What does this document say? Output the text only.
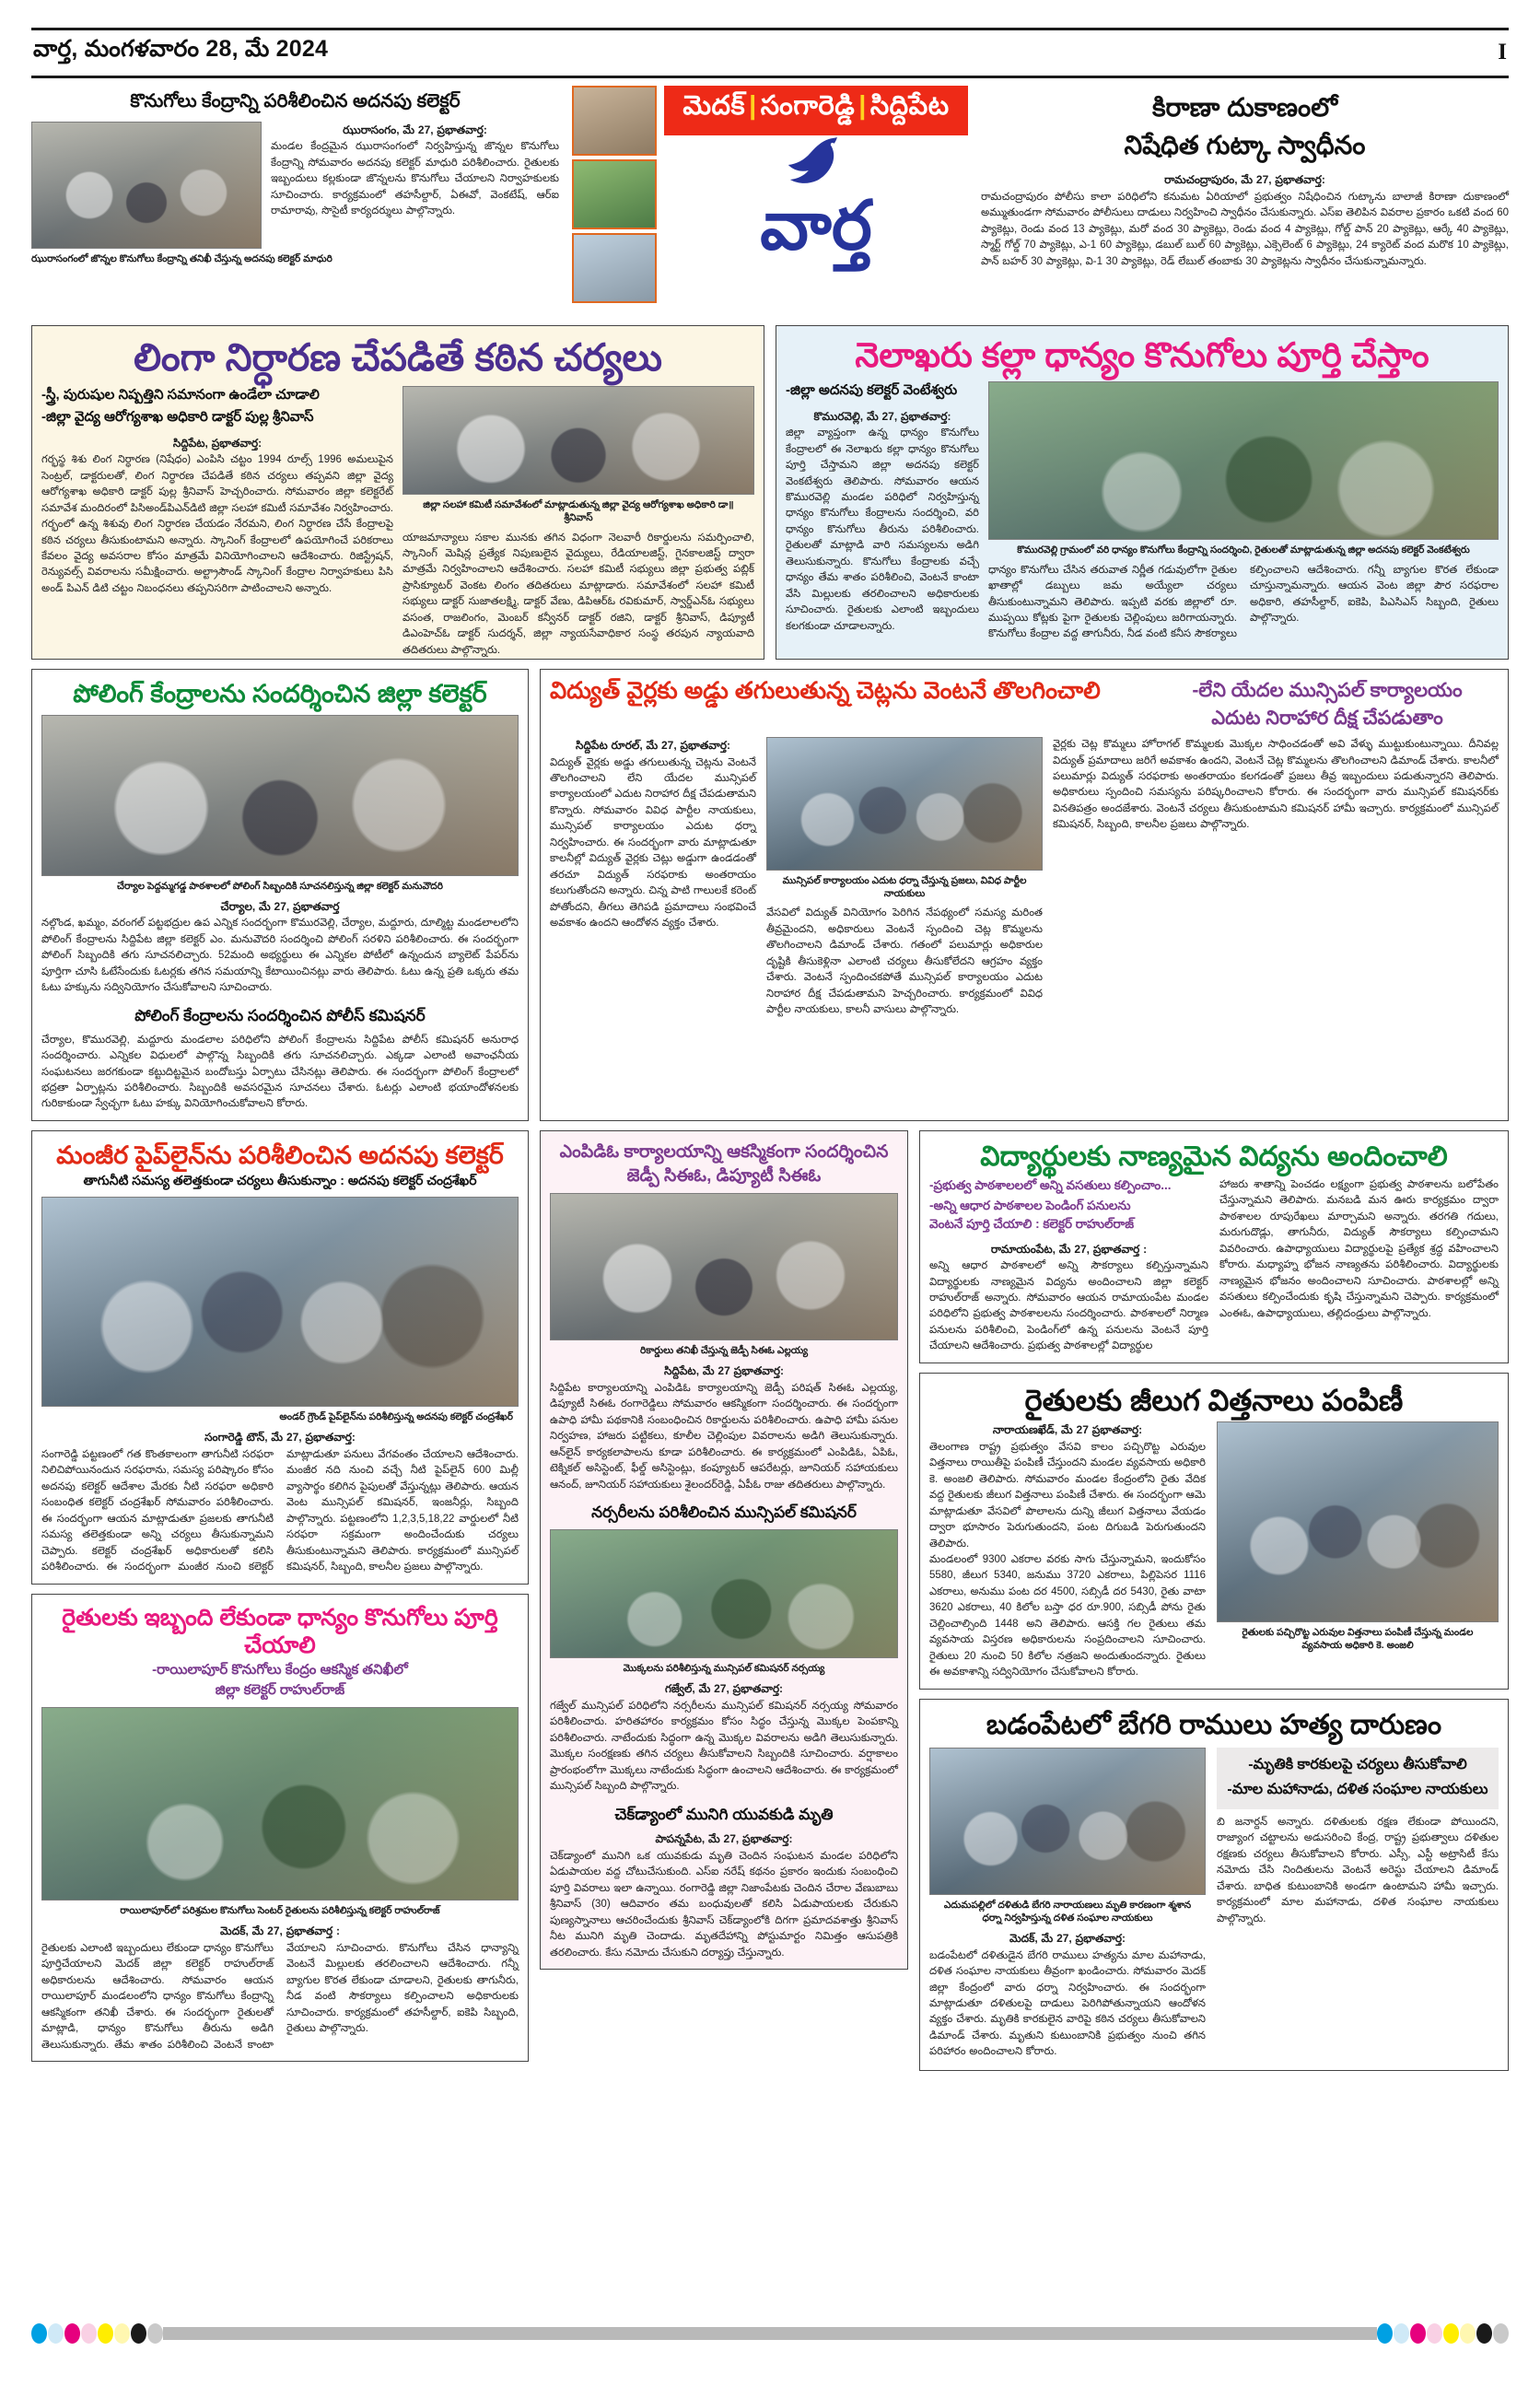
వార్త, మంగళవారం 28, మే 2024	I
కొనుగోలు కేంద్రాన్ని పరిశీలించిన అదనపు కలెక్టర్
ఝురాసంగం, మే 27, ప్రభాతవార్త:
మండల కేంద్రమైన ఝురాసంగంలో నిర్వహిస్తున్న జొన్నల కొనుగోలు కేంద్రాన్ని సోమవారం అదనపు కలెక్టర్ మాధురి పరిశీలించారు. రైతులకు ఇబ్బందులు కల్లకుండా జొన్నలను కొనుగోలు చేయాలని నిర్వాహకులకు సూచించారు. కార్యక్రమంలో తహసీల్దార్, ఏఈవో, వెంకటేష్, ఆర్ఐ రామారావు, సొసైటీ కార్యదర్శులు పాల్గొన్నారు.
ఝురాసంగంలో జొన్నల కొనుగోలు కేంద్రాన్ని తనిఖీ చేస్తున్న అదనపు కలెక్టర్ మాధురి
మెదక్ | సంగారెడ్డి | సిద్దిపేట
వార్త
కిరాణా దుకాణంలో
నిషేధిత గుట్కా స్వాధీనం
రామచంద్రాపురం, మే 27, ప్రభాతవార్త:
రామచంద్రాపురం పోలీసు కాలా పరిధిలోని కనుమట ఏరియాలో ప్రభుత్వం నిషేధించిన గుట్కాను బాలాజీ కిరాణా దుకాణంలో అమ్ముతుండగా సోమవారం పోలీసులు దాడులు నిర్వహించి స్వాధీనం చేసుకున్నారు. ఎస్ఐ తెలిపిన వివరాల ప్రకారం ఒకటి వంద 60 ప్యాకెట్లు, రెండు వంద 13 ప్యాకెట్లు, మరో వంద 30 ప్యాకెట్లు, రెండు వంద 4 ప్యాకెట్లు, గోల్డ్ పాన్ 20 ప్యాకెట్లు, ఆర్కే 40 ప్యాకెట్లు, స్మార్ట్ గోల్డ్ 70 ప్యాకెట్లు, ఎ-1 60 ప్యాకెట్లు, డబుల్ బుల్ 60 ప్యాకెట్లు, ఎక్సెలెంట్ 6 ప్యాకెట్లు, 24 క్యారెట్ వంద మరొక 10 ప్యాకెట్లు, పాన్ బహర్ 30 ప్యాకెట్లు, వి-1 30 ప్యాకెట్లు, రెడ్ లేబుల్ తంబాకు 30 ప్యాకెట్లను స్వాధీనం చేసుకున్నామన్నారు.
లింగా నిర్ధారణ చేపడితే కఠిన చర్యలు
-స్త్రీ, పురుషుల నిష్పత్తిని సమానంగా ఉండేలా చూడాలి
-జిల్లా వైద్య ఆరోగ్యశాఖ అధికారి డాక్టర్ పుల్ల శ్రీనివాస్
సిద్దిపేట, ప్రభాతవార్త:
గర్భస్థ శిశు లింగ నిర్ధారణ (నిషేధం) ఎంపిసి చట్టం 1994 రూల్స్ 1996 అమలుపైన సెంట్రల్, డాక్టరులతో, లింగ నిర్ధారణ చేపడితే కఠిన చర్యలు తప్పవని జిల్లా వైద్య ఆరోగ్యశాఖ అధికారి డాక్టర్ పుల్ల శ్రీనివాస్ హెచ్చరించారు. సోమవారం జిల్లా కలెక్టరేట్ సమావేశ మందిరంలో పిసిఅండ్‌పిఎన్‌డిటి జిల్లా సలహా కమిటీ సమావేశం నిర్వహించారు. గర్భంలో ఉన్న శిశువు లింగ నిర్ధారణ చేయడం నేరమని, లింగ నిర్ధారణ చేసే కేంద్రాలపై కఠిన చర్యలు తీసుకుంటామని అన్నారు. స్కానింగ్ కేంద్రాలలో ఉపయోగించే పరికరాలు కేవలం వైద్య అవసరాల కోసం మాత్రమే వినియోగించాలని ఆదేశించారు. రిజిస్ట్రేషన్, రెన్యువల్స్ వివరాలను సమీక్షించారు. అల్ట్రాసౌండ్ స్కానింగ్ కేంద్రాల నిర్వాహకులు పిసి అండ్ పిఎన్ డిటి చట్టం నిబంధనలు తప్పనిసరిగా పాటించాలని అన్నారు.
జిల్లా సలహా కమిటీ సమావేశంలో మాట్లాడుతున్న జిల్లా వైద్య ఆరోగ్యశాఖ అధికారి డా॥ శ్రీనివాస్
యాజమాన్యాలు సకాల మునకు తగిన విధంగా నెలవారీ రికార్డులను సమర్పించాలి, స్కానింగ్ మెషిన్ల ప్రత్యేక నిపుణులైన వైద్యులు, రేడియాలజిస్ట్, గైనకాలజిస్ట్ ద్వారా మాత్రమే నిర్వహించాలని ఆదేశించారు. సలహా కమిటీ సభ్యులు జిల్లా ప్రభుత్వ పబ్లిక్ ప్రాసిక్యూటర్ వెంకట లింగం తదితరులు మాట్లాడారు. సమావేశంలో సలహా కమిటీ సభ్యులు డాక్టర్ సుజాతలక్ష్మి, డాక్టర్ వేణు, డిపిఆర్ఓ రవికుమార్, స్వార్డ్ఎన్ఓ సభ్యులు వసంత, రాజలింగం, మెంబర్ కన్వీనర్ డాక్టర్ రజిని, డాక్టర్ శ్రీనివాస్, డిప్యూటీ డిఎంహెచ్ఓ డాక్టర్ సుదర్శన్, జిల్లా న్యాయసేవాధికార సంస్థ తరపున న్యాయవాది తదితరులు పాల్గొన్నారు.
నెలాఖరు కల్లా ధాన్యం కొనుగోలు పూర్తి చేస్తాం
-జిల్లా అదనపు కలెక్టర్ వెంటేశ్వరు
కొమురవెల్లి, మే 27, ప్రభాతవార్త:
జిల్లా వ్యాప్తంగా ఉన్న ధాన్యం కొనుగోలు కేంద్రాలలో ఈ నెలాఖరు కల్లా ధాన్యం కొనుగోలు పూర్తి చేస్తామని జిల్లా అదనపు కలెక్టర్ వెంకటేశ్వరు తెలిపారు. సోమవారం ఆయన కొమురవెల్లి మండల పరిధిలో నిర్వహిస్తున్న ధాన్యం కొనుగోలు కేంద్రాలను సందర్శించి, వరి ధాన్యం కొనుగోలు తీరును పరిశీలించారు. రైతులతో మాట్లాడి వారి సమస్యలను అడిగి తెలుసుకున్నారు. కొనుగోలు కేంద్రాలకు వచ్చే ధాన్యం తేమ శాతం పరిశీలించి, వెంటనే కాంటా వేసి మిల్లులకు తరలించాలని అధికారులకు సూచించారు. రైతులకు ఎలాంటి ఇబ్బందులు కలగకుండా చూడాలన్నారు.
కొమురవెల్లి గ్రామంలో వరి ధాన్యం కొనుగోలు కేంద్రాన్ని సందర్శించి, రైతులతో మాట్లాడుతున్న జిల్లా అదనపు కలెక్టర్ వెంకటేశ్వరు
ధాన్యం కొనుగోలు చేసిన తరువాత నిర్ణీత గడువులోగా రైతుల ఖాతాల్లో డబ్బులు జమ అయ్యేలా చర్యలు తీసుకుంటున్నామని తెలిపారు. ఇప్పటి వరకు జిల్లాలో రూ. ముప్పయి కోట్లకు పైగా రైతులకు చెల్లింపులు జరిగాయన్నారు. కొనుగోలు కేంద్రాల వద్ద తాగునీరు, నీడ వంటి కనీస సౌకర్యాలు కల్పించాలని ఆదేశించారు. గన్నీ బ్యాగుల కొరత లేకుండా చూస్తున్నామన్నారు. ఆయన వెంట జిల్లా పౌర సరఫరాల అధికారి, తహసీల్దార్, ఐకెపి, పిఎసిఎస్ సిబ్బంది, రైతులు పాల్గొన్నారు.
పోలింగ్ కేంద్రాలను సందర్శించిన జిల్లా కలెక్టర్
చేర్యాల పెద్దమ్మగడ్డ పాఠశాలలో పోలింగ్ సిబ్బందికి సూచనలిస్తున్న జిల్లా కలెక్టర్ మనువౌదరి
చేర్యాల, మే 27, ప్రభాతవార్త
నల్గొండ, ఖమ్మం, వరంగల్ పట్టభద్రుల ఉప ఎన్నిక సందర్భంగా కొమురవెల్లి, చేర్యాల, మద్దూరు, దూల్మిట్ట మండలాలలోని పోలింగ్ కేంద్రాలను సిద్దిపేట జిల్లా కలెక్టర్ ఎం. మనువౌదరి సందర్శించి పోలింగ్ సరళిని పరిశీలించారు. ఈ సందర్భంగా పోలింగ్ సిబ్బందికి తగు సూచనలిచ్చారు. 52మంది అభ్యర్థులు ఈ ఎన్నికల పోటీలో ఉన్నందున బ్యాలెట్ పేపర్‌ను పూర్తిగా చూసి ఓటేసేందుకు ఓటర్లకు తగిన సమయాన్ని కేటాయించినట్లు వారు తెలిపారు. ఓటు ఉన్న ప్రతి ఒక్కరు తమ ఓటు హక్కును సద్వినియోగం చేసుకోవాలని సూచించారు.
పోలింగ్ కేంద్రాలను సందర్శించిన పోలీస్ కమిషనర్
చేర్యాల, కొమురవెల్లి, మద్దూరు మండలాల పరిధిలోని పోలింగ్ కేంద్రాలను సిద్దిపేట పోలీస్ కమిషనర్ అనురాధ సందర్శించారు. ఎన్నికల విధులలో పాల్గొన్న సిబ్బందికి తగు సూచనలిచ్చారు. ఎక్కడా ఎలాంటి అవాంఛనీయ సంఘటనలు జరగకుండా కట్టుదిట్టమైన బందోబస్తు ఏర్పాటు చేసినట్లు తెలిపారు. ఈ సందర్భంగా పోలింగ్ కేంద్రాలలో భద్రతా ఏర్పాట్లను పరిశీలించారు. సిబ్బందికి అవసరమైన సూచనలు చేశారు. ఓటర్లు ఎలాంటి భయాందోళనలకు గురికాకుండా స్వేచ్ఛగా ఓటు హక్కు వినియోగించుకోవాలని కోరారు.
విద్యుత్ వైర్లకు అడ్డు తగులుతున్న చెట్లను వెంటనే తొలగించాలి	-లేని యేదల మున్సిపల్ కార్యాలయం
ఎదుట నిరాహార దీక్ష చేపడుతాం
సిద్దిపేట రూరల్, మే 27, ప్రభాతవార్త:
విద్యుత్ వైర్లకు అడ్డు తగులుతున్న చెట్లను వెంటనే తొలగించాలని లేని యేదల మున్సిపల్ కార్యాలయంలో ఎదుట నిరాహార దీక్ష చేపడుతామని కొన్నారు. సోమవారం వివిధ పార్టీల నాయకులు, మున్సిపల్ కార్యాలయం ఎదుట ధర్నా నిర్వహించారు. ఈ సందర్భంగా వారు మాట్లాడుతూ కాలనీల్లో విద్యుత్ వైర్లకు చెట్లు అడ్డుగా ఉండడంతో తరచూ విద్యుత్ సరఫరాకు అంతరాయం కలుగుతోందని అన్నారు. చిన్న పాటి గాలులకే కరెంట్ పోతోందని, తీగలు తెగిపడి ప్రమాదాలు సంభవించే అవకాశం ఉందని ఆందోళన వ్యక్తం చేశారు.
మున్సిపల్ కార్యాలయం ఎదుట ధర్నా చేస్తున్న ప్రజలు, వివిధ పార్టీల నాయకులు
వేసవిలో విద్యుత్ వినియోగం పెరిగిన నేపథ్యంలో సమస్య మరింత తీవ్రమైందని, అధికారులు వెంటనే స్పందించి చెట్ల కొమ్మలను తొలగించాలని డిమాండ్ చేశారు. గతంలో పలుమార్లు అధికారుల దృష్టికి తీసుకెళ్లినా ఎలాంటి చర్యలు తీసుకోలేదని ఆగ్రహం వ్యక్తం చేశారు. వెంటనే స్పందించకపోతే మున్సిపల్ కార్యాలయం ఎదుట నిరాహార దీక్ష చేపడుతామని హెచ్చరించారు. కార్యక్రమంలో వివిధ పార్టీల నాయకులు, కాలనీ వాసులు పాల్గొన్నారు.
వైర్లకు చెట్ల కొమ్మలు హోరాగల్ కొమ్మలకు మొక్కల సాధించడంతో అవి వేళ్ళు ముట్టుకుంటున్నాయి. దీనివల్ల విద్యుత్ ప్రమాదాలు జరిగే అవకాశం ఉందని, వెంటనే చెట్ల కొమ్మలను తొలగించాలని డిమాండ్ చేశారు. కాలనీలో పలుమార్లు విద్యుత్ సరఫరాకు అంతరాయం కలగడంతో ప్రజలు తీవ్ర ఇబ్బందులు పడుతున్నారని తెలిపారు. అధికారులు స్పందించి సమస్యను పరిష్కరించాలని కోరారు. ఈ సందర్భంగా వారు మున్సిపల్ కమిషనర్‌కు వినతిపత్రం అందజేశారు. వెంటనే చర్యలు తీసుకుంటామని కమిషనర్ హామీ ఇచ్చారు. కార్యక్రమంలో మున్సిపల్ కమిషనర్, సిబ్బంది, కాలనీల ప్రజలు పాల్గొన్నారు.
మంజీర పైప్‌లైన్‌ను పరిశీలించిన అదనపు కలెక్టర్
తాగునీటి సమస్య తలెత్తకుండా చర్యలు తీసుకున్నాం : అదనపు కలెక్టర్ చంద్రశేఖర్
అండర్ గ్రౌండ్ పైప్‌లైన్‌ను పరిశీలిస్తున్న అదనపు కలెక్టర్ చంద్రశేఖర్
సంగారెడ్డి టౌన్, మే 27, ప్రభాతవార్త:
సంగారెడ్డి పట్టణంలో గత కొంతకాలంగా తాగునీటి సరఫరా నిలిచిపోయినందున సరఫరాను, సమస్య పరిష్కారం కోసం అదనపు కలెక్టర్ ఆదేశాల మేరకు నీటి సరఫరా అధికారి సంబంధిత కలెక్టర్ చంద్రశేఖర్ సోమవారం పరిశీలించారు. ఈ సందర్భంగా ఆయన మాట్లాడుతూ ప్రజలకు తాగునీటి సమస్య తలెత్తకుండా అన్ని చర్యలు తీసుకున్నామని చెప్పారు. కలెక్టర్ చంద్రశేఖర్ అధికారులతో కలిసి పరిశీలించారు. ఈ సందర్భంగా మంజీర నుంచి కలెక్టర్ మాట్లాడుతూ పనులు వేగవంతం చేయాలని ఆదేశించారు. మంజీర నది నుంచి వచ్చే నీటి పైప్‌లైన్ 600 మిల్లీ వ్యాసార్థం కలిగిన పైపులతో వేస్తున్నట్లు తెలిపారు. ఆయన వెంట మున్సిపల్ కమిషనర్, ఇంజనీర్లు, సిబ్బంది పాల్గొన్నారు. పట్టణంలోని 1,2,3,5,18,22 వార్డులలో నీటి సరఫరా సక్రమంగా అందించేందుకు చర్యలు తీసుకుంటున్నామని తెలిపారు. కార్యక్రమంలో మున్సిపల్ కమిషనర్, సిబ్బంది, కాలనీల ప్రజలు పాల్గొన్నారు.
రైతులకు ఇబ్బంది లేకుండా ధాన్యం కొనుగోలు పూర్తి చేయాలి
-రాయిలాపూర్ కొనుగోలు కేంద్రం ఆకస్మిక తనిఖీలో
జిల్లా కలెక్టర్ రాహుల్‌రాజ్
రాయిలాపూర్‌లో పరిశ్రమల కొనుగోలు సెంటర్ రైతులను పరిశీలిస్తున్న కలెక్టర్ రాహుల్‌రాజ్
మెదక్, మే 27, ప్రభాతవార్త :
రైతులకు ఎలాంటి ఇబ్బందులు లేకుండా ధాన్యం కొనుగోలు పూర్తిచేయాలని మెదక్ జిల్లా కలెక్టర్ రాహుల్‌రాజ్ అధికారులను ఆదేశించారు. సోమవారం ఆయన రాయిలాపూర్ మండలంలోని ధాన్యం కొనుగోలు కేంద్రాన్ని ఆకస్మికంగా తనిఖీ చేశారు. ఈ సందర్భంగా రైతులతో మాట్లాడి, ధాన్యం కొనుగోలు తీరును అడిగి తెలుసుకున్నారు. తేమ శాతం పరిశీలించి వెంటనే కాంటా వేయాలని సూచించారు. కొనుగోలు చేసిన ధాన్యాన్ని వెంటనే మిల్లులకు తరలించాలని ఆదేశించారు. గన్నీ బ్యాగుల కొరత లేకుండా చూడాలని, రైతులకు తాగునీరు, నీడ వంటి సౌకర్యాలు కల్పించాలని అధికారులకు సూచించారు. కార్యక్రమంలో తహసీల్దార్, ఐకెపి సిబ్బంది, రైతులు పాల్గొన్నారు.
ఎంపిడిఓ కార్యాలయాన్ని ఆకస్మికంగా సందర్శించిన
జెడ్పీ సిఈఓ, డిప్యూటీ సిఈఓ
రికార్డులు తనిఖీ చేస్తున్న జెడ్పీ సిఈఓ ఎల్లయ్య
సిద్దిపేట, మే 27 ప్రభాతవార్త:
సిద్దిపేట కార్యాలయాన్ని ఎంపిడిఓ కార్యాలయాన్ని జెడ్పీ పరిషత్ సిఈఓ ఎల్లయ్య, డిప్యూటీ సిఈఓ రంగారెడ్డిలు సోమవారం ఆకస్మికంగా సందర్శించారు. ఈ సందర్భంగా ఉపాధి హామీ పథకానికి సంబంధించిన రికార్డులను పరిశీలించారు. ఉపాధి హామీ పనుల నిర్వహణ, హాజరు పట్టికలు, కూలీల చెల్లింపుల వివరాలను అడిగి తెలుసుకున్నారు. ఆన్‌లైన్ కార్యకలాపాలను కూడా పరిశీలించారు. ఈ కార్యక్రమంలో ఎంపిడిఓ, ఏపిఓ, టెక్నికల్ అసిస్టెంట్, ఫీల్డ్ అసిస్టెంట్లు, కంప్యూటర్ ఆపరేటర్లు, జూనియర్ సహాయకులు ఆనంద్, జూనియర్ సహాయకులు శైలందర్‌రెడ్డి, ఏపీఓ రాజు తదితరులు పాల్గొన్నారు.
నర్సరీలను పరిశీలించిన మున్సిపల్ కమిషనర్
మొక్కలను పరిశీలిస్తున్న మున్సిపల్ కమిషనర్ నర్సయ్య
గజ్వేల్, మే 27, ప్రభాతవార్త:
గజ్వేల్ మున్సిపల్ పరిధిలోని నర్సరీలను మున్సిపల్ కమిషనర్ నర్సయ్య సోమవారం పరిశీలించారు. హరితహారం కార్యక్రమం కోసం సిద్ధం చేస్తున్న మొక్కల పెంపకాన్ని పరిశీలించారు. నాటేందుకు సిద్ధంగా ఉన్న మొక్కల వివరాలను అడిగి తెలుసుకున్నారు. మొక్కల సంరక్షణకు తగిన చర్యలు తీసుకోవాలని సిబ్బందికి సూచించారు. వర్షాకాలం ప్రారంభంలోగా మొక్కలు నాటేందుకు సిద్ధంగా ఉంచాలని ఆదేశించారు. ఈ కార్యక్రమంలో మున్సిపల్ సిబ్బంది పాల్గొన్నారు.
చెక్‌డ్యాంలో మునిగి యువకుడి మృతి
పాపన్నపేట, మే 27, ప్రభాతవార్త:
చెక్‌డ్యాంలో మునిగి ఒక యువకుడు మృతి చెందిన సంఘటన మండల పరిధిలోని ఏడుపాయల వద్ద చోటుచేసుకుంది. ఎస్ఐ నరేష్ కథనం ప్రకారం ఇందుకు సంబంధించి పూర్తి వివరాలు ఇలా ఉన్నాయి. రంగారెడ్డి జిల్లా నిజాంపేటకు చెందిన చేరాల వేణుబాబు శ్రీనివాస్ (30) ఆదివారం తమ బంధువులతో కలిసి ఏడుపాయలకు చేరుకుని పుణ్యస్నానాలు ఆచరించేందుకు శ్రీనివాస్ చెక్‌డ్యాంలోకి దిగగా ప్రమాదవశాత్తు శ్రీనివాస్ నీట మునిగి మృతి చెందాడు. మృతదేహాన్ని పోస్టుమార్టం నిమిత్తం ఆసుపత్రికి తరలించారు. కేసు నమోదు చేసుకుని దర్యాప్తు చేస్తున్నారు.
విద్యార్థులకు నాణ్యమైన విద్యను అందించాలి
-ప్రభుత్వ పాఠశాలలలో అన్ని వసతులు కల్పించాం...
-అన్ని ఆధార పాఠశాలల పెండింగ్ పనులను
వెంటనే పూర్తి చేయాలి : కలెక్టర్ రాహుల్‌రాజ్
రామాయంపేట, మే 27, ప్రభాతవార్త :
అన్ని ఆధార పాఠశాలలో అన్ని సౌకర్యాలు కల్పిస్తున్నామని విద్యార్థులకు నాణ్యమైన విద్యను అందించాలని జిల్లా కలెక్టర్ రాహుల్‌రాజ్ అన్నారు. సోమవారం ఆయన రామాయంపేట మండల పరిధిలోని ప్రభుత్వ పాఠశాలలను సందర్శించారు. పాఠశాలలో నిర్మాణ పనులను పరిశీలించి, పెండింగ్‌లో ఉన్న పనులను వెంటనే పూర్తి చేయాలని ఆదేశించారు. ప్రభుత్వ పాఠశాలల్లో విద్యార్థుల
హాజరు శాతాన్ని పెంచడం లక్ష్యంగా ప్రభుత్వ పాఠశాలను బలోపేతం చేస్తున్నామని తెలిపారు. మనబడి మన ఊరు కార్యక్రమం ద్వారా పాఠశాలల రూపురేఖలు మార్చామని అన్నారు. తరగతి గదులు, మరుగుదొడ్లు, తాగునీరు, విద్యుత్ సౌకర్యాలు కల్పించామని వివరించారు. ఉపాధ్యాయులు విద్యార్థులపై ప్రత్యేక శ్రద్ధ వహించాలని కోరారు. మధ్యాహ్న భోజన నాణ్యతను పరిశీలించారు. విద్యార్థులకు నాణ్యమైన భోజనం అందించాలని సూచించారు. పాఠశాలల్లో అన్ని వసతులు కల్పించేందుకు కృషి చేస్తున్నామని చెప్పారు. కార్యక్రమంలో ఎంఈఓ, ఉపాధ్యాయులు, తల్లిదండ్రులు పాల్గొన్నారు.
రైతులకు జీలుగ విత్తనాలు పంపిణీ
నారాయణఖేడ్, మే 27 ప్రభాతవార్త:
తెలంగాణ రాష్ట్ర ప్రభుత్వం వేసవి కాలం పచ్చిరొట్ట ఎరువుల విత్తనాలు రాయితీపై పంపిణీ చేస్తుందని మండల వ్యవసాయ అధికారి కె. అంజలి తెలిపారు. సోమవారం మండల కేంద్రంలోని రైతు వేదిక వద్ద రైతులకు జీలుగ విత్తనాలు పంపిణీ చేశారు. ఈ సందర్భంగా ఆమె మాట్లాడుతూ వేసవిలో పొలాలను దున్ని జీలుగ విత్తనాలు వేయడం ద్వారా భూసారం పెరుగుతుందని, పంట దిగుబడి పెరుగుతుందని తెలిపారు.
మండలంలో 9300 ఎకరాల వరకు సాగు చేస్తున్నామని, ఇందుకోసం 5580, జీలుగ 5340, జనుము 3720 ఎకరాలు, పిల్లిపెసర 1116 ఎకరాలు, అనుము పంట దర 4500, సబ్సిడీ దర 5430, రైతు వాటా 3620 ఎకరాలు, 40 కిలోల బస్తా ధర రూ.900, సబ్సిడీ పోను రైతు చెల్లించాల్సింది 1448 అని తెలిపారు. ఆసక్తి గల రైతులు తమ వ్యవసాయ విస్తరణ అధికారులను సంప్రదించాలని సూచించారు. రైతులు 20 నుంచి 50 కిలోల నత్రజని అందుతుందన్నారు. రైతులు ఈ అవకాశాన్ని సద్వినియోగం చేసుకోవాలని కోరారు.
రైతులకు పచ్చిరొట్ట ఎరువుల విత్తనాలు పంపిణీ చేస్తున్న మండల వ్యవసాయ అధికారి కె. అంజలి
బడంపేటలో బేగరి రాములు హత్య దారుణం
ఎదుమపల్లిలో దళితుడి బేగరి నారాయణలు మృతి కారణంగా శ్మశాన ధర్నా నిర్వహిస్తున్న దళిత సంఘాల నాయకులు
మెదక్, మే 27, ప్రభాతవార్త:
బడంపేటలో దళితుడైన బేగరి రాములు హత్యను మాల మహానాడు, దళిత సంఘాల నాయకులు తీవ్రంగా ఖండించారు. సోమవారం మెదక్ జిల్లా కేంద్రంలో వారు ధర్నా నిర్వహించారు. ఈ సందర్భంగా మాట్లాడుతూ దళితులపై దాడులు పెరిగిపోతున్నాయని ఆందోళన వ్యక్తం చేశారు. మృతికి కారకులైన వారిపై కఠిన చర్యలు తీసుకోవాలని డిమాండ్ చేశారు. మృతుని కుటుంబానికి ప్రభుత్వం నుంచి తగిన పరిహారం అందించాలని కోరారు.
-మృతికి కారకులపై చర్యలు తీసుకోవాలి
-మాల మహానాడు, దళిత సంఘాల నాయకులు
బి జనార్దన్ అన్నారు. దళితులకు రక్షణ లేకుండా పోయిందని, రాజ్యాంగ చట్టాలను అడుసరించి కేంద్ర, రాష్ట్ర ప్రభుత్వాలు దళితుల రక్షణకు చర్యలు తీసుకోవాలని కోరారు. ఎస్సీ, ఎస్టీ అట్రాసిటీ కేసు నమోదు చేసి నిందితులను వెంటనే అరెస్టు చేయాలని డిమాండ్ చేశారు. బాధిత కుటుంబానికి అండగా ఉంటామని హామీ ఇచ్చారు. కార్యక్రమంలో మాల మహానాడు, దళిత సంఘాల నాయకులు పాల్గొన్నారు.
